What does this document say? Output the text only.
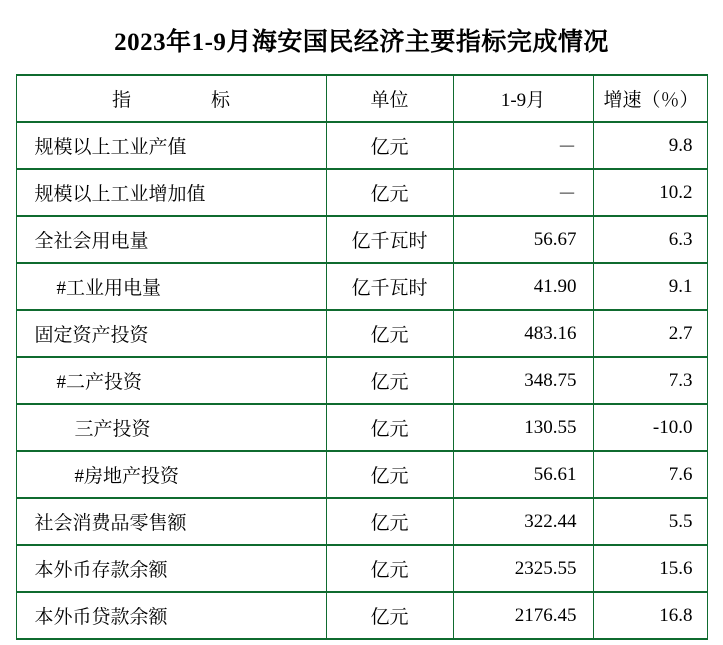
2023年1-9月海安国民经济主要指标完成情况
指　　标	单位	1-9月	增速（％）
规模以上工业产值	亿元	－	9.8
规模以上工业增加值	亿元	－	10.2
全社会用电量	亿千瓦时	56.67	6.3
#工业用电量	亿千瓦时	41.90	9.1
固定资产投资	亿元	483.16	2.7
#二产投资	亿元	348.75	7.3
三产投资	亿元	130.55	-10.0
#房地产投资	亿元	56.61	7.6
社会消费品零售额	亿元	322.44	5.5
本外币存款余额	亿元	2325.55	15.6
本外币贷款余额	亿元	2176.45	16.8
